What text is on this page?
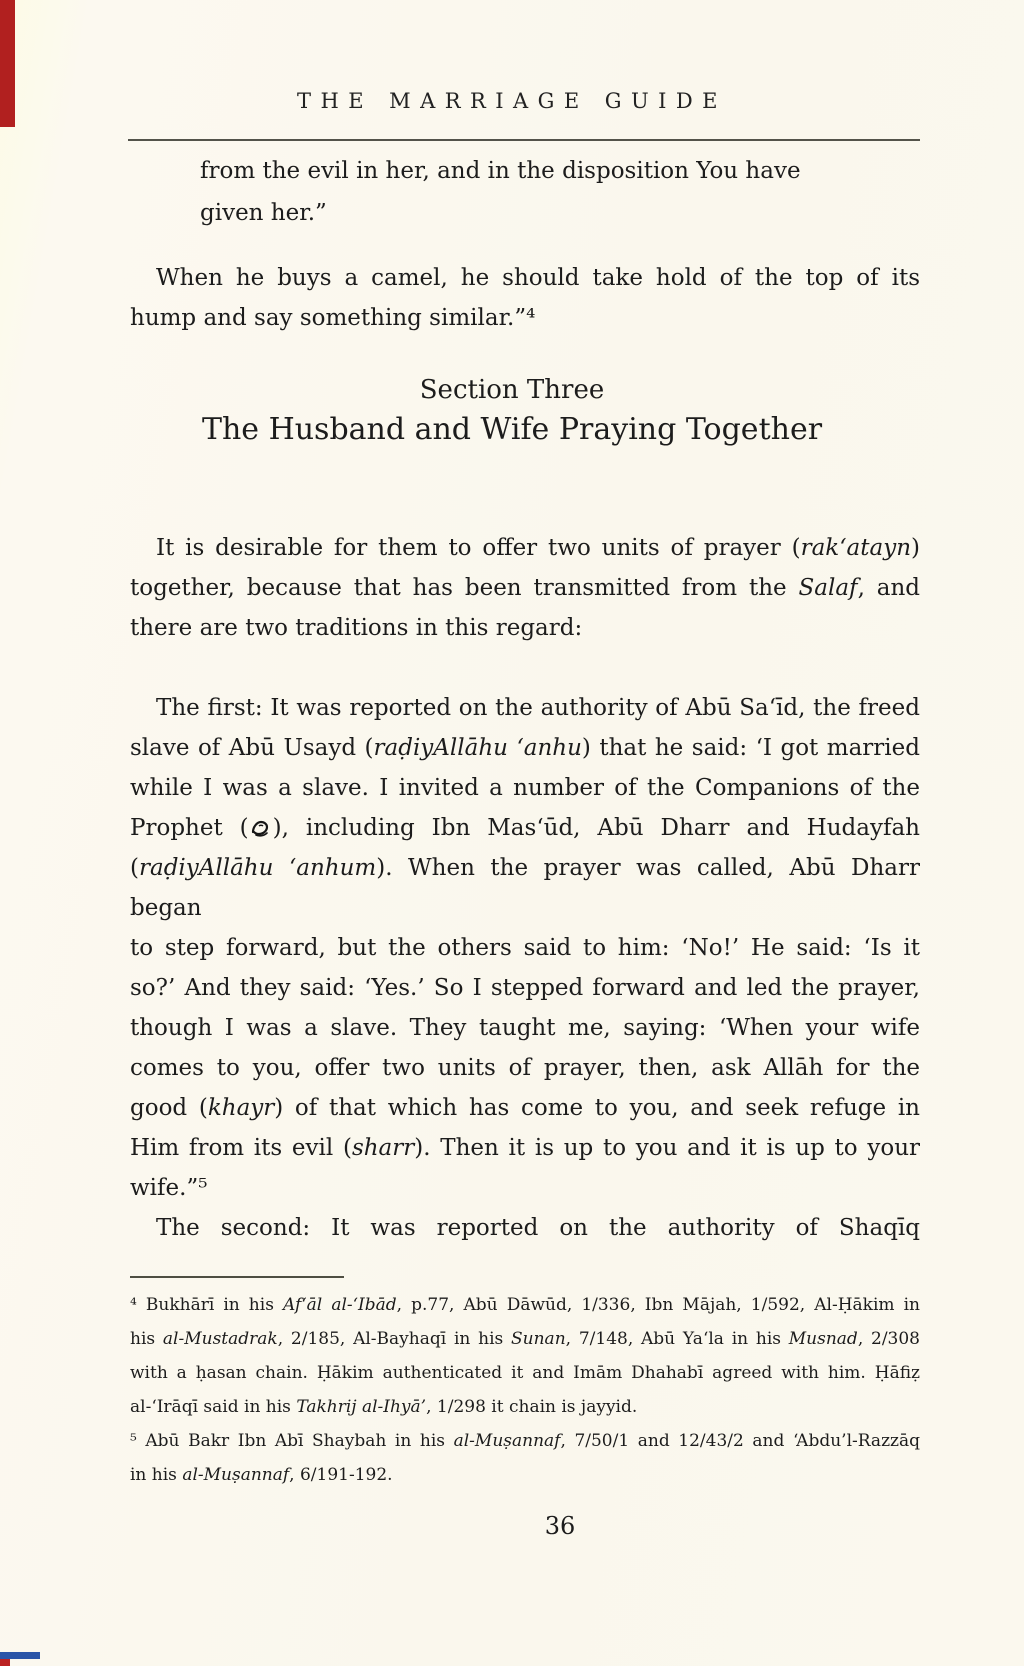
THE MARRIAGE GUIDE
from the evil in her, and in the disposition You have
given her.”
When he buys a camel, he should take hold of the top of its
hump and say something similar.”⁴
Section Three
The Husband and Wife Praying Together
It is desirable for them to offer two units of prayer (rak‘atayn)
together, because that has been transmitted from the Salaf, and
there are two traditions in this regard:
The first: It was reported on the authority of Abū Sa‘īd, the freed
slave of Abū Usayd (raḍiyAllāhu ‘anhu) that he said: ‘I got married
while I was a slave. I invited a number of the Companions of the
Prophet ( ), including Ibn Mas‘ūd, Abū Dharr and Hudayfah
(raḍiyAllāhu ‘anhum). When the prayer was called, Abū Dharr began
to step forward, but the others said to him: ‘No!’ He said: ‘Is it
so?’ And they said: ‘Yes.’ So I stepped forward and led the prayer,
though I was a slave. They taught me, saying: ‘When your wife
comes to you, offer two units of prayer, then, ask Allāh for the
good (khayr) of that which has come to you, and seek refuge in
Him from its evil (sharr). Then it is up to you and it is up to your
wife.”⁵
The second: It was reported on the authority of Shaqīq
⁴ Bukhārī in his Af‘āl al-‘Ibād, p.77, Abū Dāwūd, 1/336, Ibn Mājah, 1/592, Al-Ḥākim in
his al-Mustadrak, 2/185, Al-Bayhaqī in his Sunan, 7/148, Abū Ya‘la in his Musnad, 2/308
with a ḥasan chain. Ḥākim authenticated it and Imām Dhahabī agreed with him. Ḥāfiẓ
al-‘Irāqī said in his Takhrij al-Ihyā’, 1/298 it chain is jayyid.
⁵ Abū Bakr Ibn Abī Shaybah in his al-Muṣannaf, 7/50/1 and 12/43/2 and ‘Abdu’l-Razzāq
in his al-Muṣannaf, 6/191-192.
36
